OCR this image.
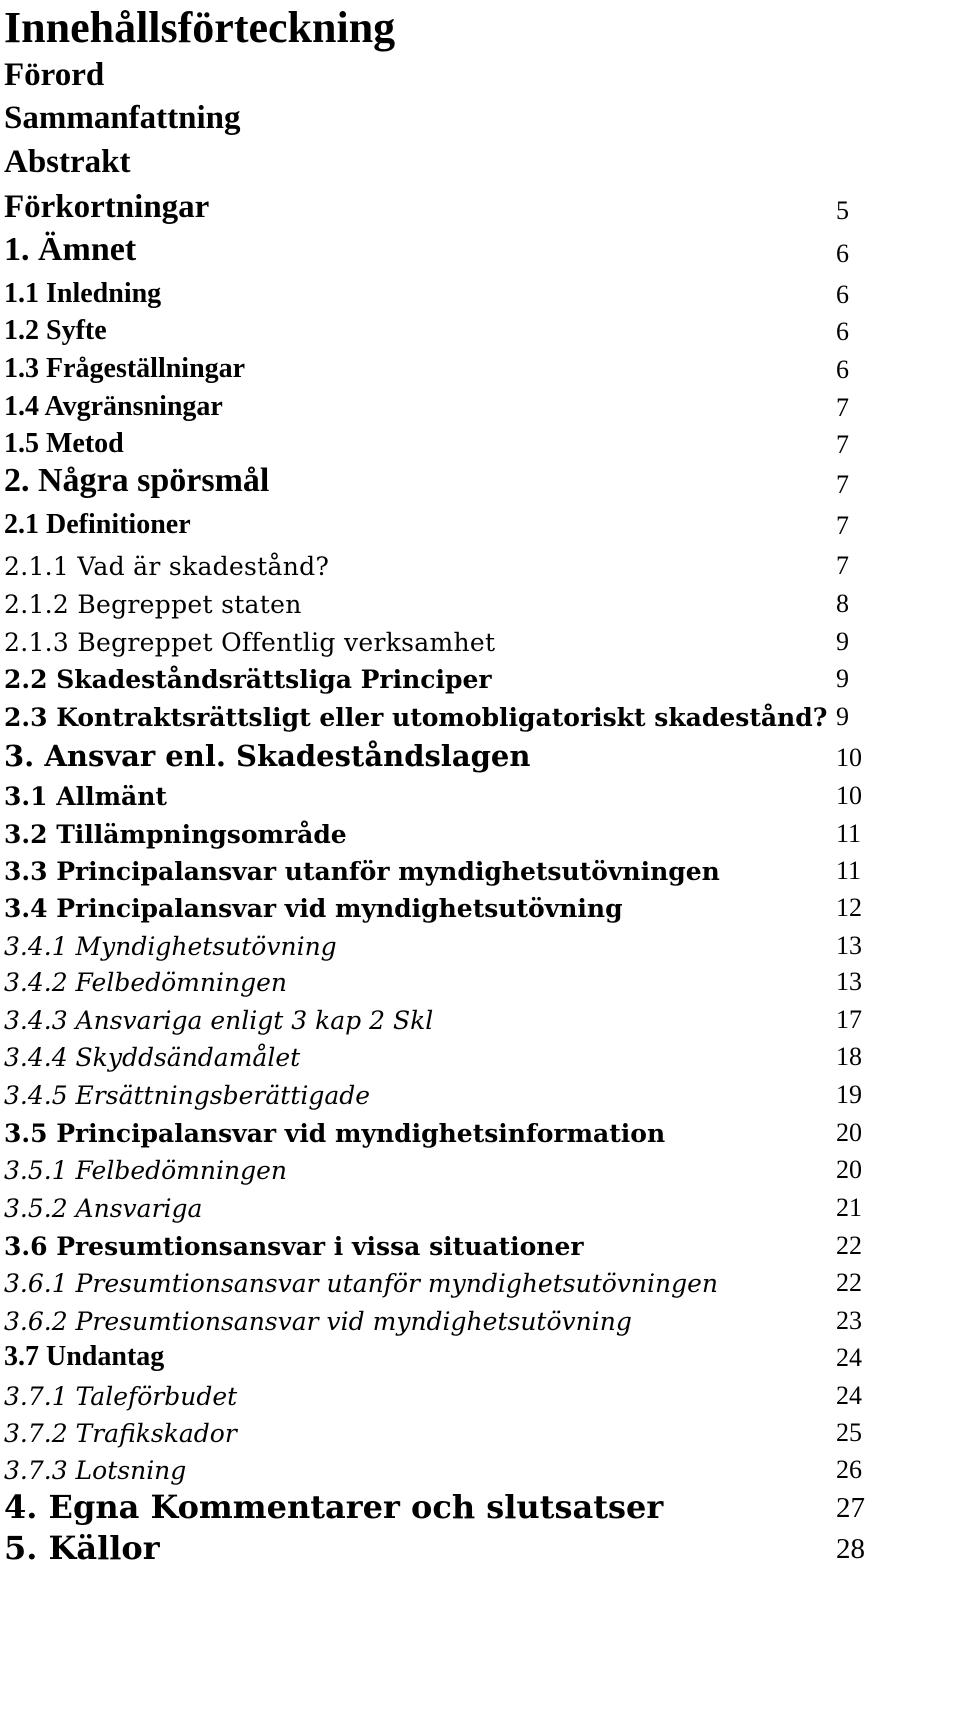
Innehållsförteckning
Förord
Sammanfattning
Abstrakt
Förkortningar	5
1. Ämnet	6
1.1 Inledning	6
1.2 Syfte	6
1.3 Frågeställningar	6
1.4 Avgränsningar	7
1.5 Metod	7
2. Några spörsmål	7
2.1 Definitioner	7
2.1.1 Vad är skadestånd?	7
2.1.2 Begreppet staten	8
2.1.3 Begreppet Offentlig verksamhet	9
2.2 Skadeståndsrättsliga Principer	9
2.3 Kontraktsrättsligt eller utomobligatoriskt skadestånd? 9
3. Ansvar enl. Skadeståndslagen	10
3.1 Allmänt	10
3.2 Tillämpningsområde	11
3.3 Principalansvar utanför myndighetsutövningen	11
3.4 Principalansvar vid myndighetsutövning	12
3.4.1 Myndighetsutövning	13
3.4.2 Felbedömningen	13
3.4.3 Ansvariga enligt 3 kap 2 Skl	17
3.4.4 Skyddsändamålet	18
3.4.5 Ersättningsberättigade	19
3.5 Principalansvar vid myndighetsinformation	20
3.5.1 Felbedömningen	20
3.5.2 Ansvariga	21
3.6 Presumtionsansvar i vissa situationer	22
3.6.1 Presumtionsansvar utanför myndighetsutövningen	22
3.6.2 Presumtionsansvar vid myndighetsutövning	23
3.7 Undantag	24
3.7.1 Taleförbudet	24
3.7.2 Trafikskador	25
3.7.3 Lotsning	26
4. Egna Kommentarer och slutsatser	27
5. Källor	28
